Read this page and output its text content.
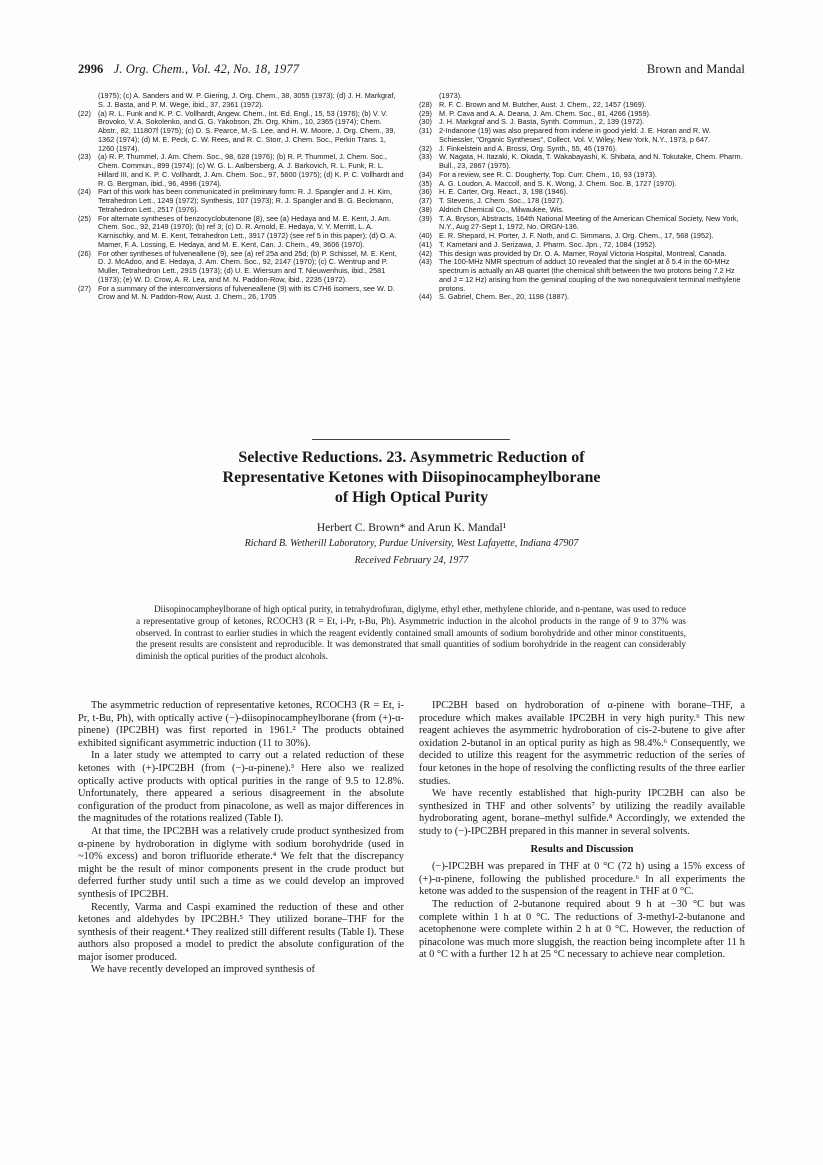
2996 J. Org. Chem., Vol. 42, No. 18, 1977	Brown and Mandal
(1975); (c) A. Sanders and W. P. Giering, J. Org. Chem., 38, 3055 (1973); (d) J. H. Markgraf, S. J. Basta, and P. M. Wege, ibid., 37, 2361 (1972).
(22) (a) R. L. Funk and K. P. C. Vollhardt, Angew. Chem., Int. Ed. Engl., 15, 53 (1976); (b) V. V. Brovoko, V. A. Sokolenko, and G. G. Yakobson, Zh. Org. Khim., 10, 2365 (1974); Chem. Abstr., 82, 111807f (1975); (c) D. S. Pearce, M.-S. Lee, and H. W. Moore, J. Org. Chem., 39, 1362 (1974); (d) M. E. Peck, C. W. Rees, and R. C. Storr, J. Chem. Soc., Perkin Trans. 1, 1260 (1974).
(23) (a) R. P. Thummel, J. Am. Chem. Soc., 98, 628 (1976); (b) R. P. Thummel, J. Chem. Soc., Chem. Commun., 899 (1974); (c) W. G. L. Aalbersberg, A. J. Barkovich, R. L. Funk, R. L. Hillard III, and K. P. C. Vollhardt, J. Am. Chem. Soc., 97, 5600 (1975); (d) K. P. C. Vollhardt and R. G. Bergman, ibid., 96, 4996 (1974).
(24) Part of this work has been communicated in preliminary form: R. J. Spangler and J. H. Kim, Tetrahedron Lett., 1249 (1972); Synthesis, 107 (1973); R. J. Spangler and B. G. Beckmann, Tetrahedron Lett., 2517 (1976).
(25) For alternate syntheses of benzocyclobutenone (8), see (a) Hedaya and M. E. Kent, J. Am. Chem. Soc., 92, 2149 (1970); (b) ref 3; (c) D. R. Arnold, E. Hedaya, V. Y. Merritt, L. A. Karnischky, and M. E. Kent, Tetrahedron Lett., 3917 (1972) (see ref 5 in this paper); (d) O. A. Mamer, F. A. Lossing, E. Hedaya, and M. E. Kent, Can. J. Chem., 49, 3606 (1970).
(26) For other syntheses of fulveneallene (9), see (a) ref 25a and 25d; (b) P. Schissel, M. E. Kent, D. J. McAdoo, and E. Hedaya, J. Am. Chem. Soc., 92, 2147 (1970); (c) C. Wentrup and P. Muller, Tetrahedron Lett., 2915 (1973); (d) U. E. Wiersum and T. Nieuwenhuis, ibid., 2581 (1973); (e) W. D. Crow, A. R. Lea, and M. N. Paddon-Row, ibid., 2235 (1972).
(27) For a summary of the interconversions of fulveneallene (9) with its C7H6 isomers, see W. D. Crow and M. N. Paddon-Row, Aust. J. Chem., 26, 1705
(1973).
(28) R. F. C. Brown and M. Butcher, Aust. J. Chem., 22, 1457 (1969).
(29) M. P. Cava and A. A. Deana, J. Am. Chem. Soc., 81, 4266 (1959).
(30) J. H. Markgraf and S. J. Basta, Synth. Commun., 2, 139 (1972).
(31) 2-Indanone (19) was also prepared from indene in good yield: J. E. Horan and R. W. Schiessler, "Organic Syntheses", Collect. Vol. V, Wiley, New York, N.Y., 1973, p 647.
(32) J. Finkelstein and A. Brossi, Org. Synth., 55, 45 (1976).
(33) W. Nagata, H. Itazaki, K. Okada, T. Wakabayashi, K. Shibata, and N. Tokutake, Chem. Pharm. Bull., 23, 2867 (1975).
(34) For a review, see R. C. Dougherty, Top. Curr. Chem., 10, 93 (1973).
(35) A. G. Loudon, A. Maccoll, and S. K. Wong, J. Chem. Soc. B, 1727 (1970).
(36) H. E. Carter, Org. React., 3, 198 (1946).
(37) T. Stevens, J. Chem. Soc., 178 (1927).
(38) Aldrich Chemical Co., Milwaukee, Wis.
(39) T. A. Bryson, Abstracts, 164th National Meeting of the American Chemical Society, New York, N.Y., Aug 27-Sept 1, 1972, No. ORGN-136.
(40) E. R. Shepard, H. Porter, J. F. Noth, and C. Simmans, J. Org. Chem., 17, 568 (1952).
(41) T. Kametani and J. Serizawa, J. Pharm. Soc. Jpn., 72, 1084 (1952).
(42) This design was provided by Dr. O. A. Mamer, Royal Victoria Hospital, Montreal, Canada.
(43) The 100-MHz NMR spectrum of adduct 10 revealed that the singlet at δ 5.4 in the 60-MHz spectrum is actually an AB quartet (the chemical shift between the two protons being 7.2 Hz and J = 12 Hz) arising from the geminal coupling of the two nonequivalent terminal methylene protons.
(44) S. Gabriel, Chem. Ber., 20, 1198 (1887).
Selective Reductions. 23. Asymmetric Reduction of
Representative Ketones with Diisopinocampheylborane
of High Optical Purity
Herbert C. Brown* and Arun K. Mandal¹
Richard B. Wetherill Laboratory, Purdue University, West Lafayette, Indiana 47907
Received February 24, 1977

Diisopinocampheylborane of high optical purity, in tetrahydrofuran, diglyme, ethyl ether, methylene chloride, and n-pentane, was used to reduce a representative group of ketones, RCOCH3 (R = Et, i-Pr, t-Bu, Ph). Asymmetric induction in the alcohol products in the range of 9 to 37% was observed. In contrast to earlier studies in which the reagent evidently contained small amounts of sodium borohydride and other minor constituents, the present results are consistent and reproducible. It was demonstrated that small quantities of sodium borohydride in the reagent can considerably diminish the optical purities of the product alcohols.

The asymmetric reduction of representative ketones, RCOCH3 (R = Et, i-Pr, t-Bu, Ph), with optically active (−)-diisopinocampheylborane (from (+)-α-pinene) (IPC2BH) was first reported in 1961.² The products obtained exhibited significant asymmetric induction (11 to 30%).

In a later study we attempted to carry out a related reduction of these ketones with (+)-IPC2BH (from (−)-α-pinene).³ Here also we realized optically active products with optical purities in the range of 9.5 to 12.8%. Unfortunately, there appeared a serious disagreement in the absolute configuration of the product from pinacolone, as well as major differences in the magnitudes of the rotations realized (Table I).

At that time, the IPC2BH was a relatively crude product synthesized from α-pinene by hydroboration in diglyme with sodium borohydride (used in ~10% excess) and boron trifluoride etherate.⁴ We felt that the discrepancy might be the result of minor components present in the crude product but deferred further study until such a time as we could develop an improved synthesis of IPC2BH.

Recently, Varma and Caspi examined the reduction of these and other ketones and aldehydes by IPC2BH.⁵ They utilized borane–THF for the synthesis of their reagent.⁴ They realized still different results (Table I). These authors also proposed a model to predict the absolute configuration of the major isomer produced.

We have recently developed an improved synthesis of

IPC2BH based on hydroboration of α-pinene with borane–THF, a procedure which makes available IPC2BH in very high purity.⁶ This new reagent achieves the asymmetric hydroboration of cis-2-butene to give after oxidation 2-butanol in an optical purity as high as 98.4%.⁶ Consequently, we decided to utilize this reagent for the asymmetric reduction of the series of four ketones in the hope of resolving the conflicting results of the three earlier studies.

We have recently established that high-purity IPC2BH can also be synthesized in THF and other solvents⁷ by utilizing the readily available hydroborating agent, borane–methyl sulfide.⁸ Accordingly, we extended the study to (−)-IPC2BH prepared in this manner in several solvents.

Results and Discussion

(−)-IPC2BH was prepared in THF at 0 °C (72 h) using a 15% excess of (+)-α-pinene, following the published procedure.⁶ In all experiments the ketone was added to the suspension of the reagent in THF at 0 °C.

The reduction of 2-butanone required about 9 h at −30 °C but was complete within 1 h at 0 °C. The reductions of 3-methyl-2-butanone and acetophenone were complete within 2 h at 0 °C. However, the reduction of pinacolone was much more sluggish, the reaction being incomplete after 11 h at 0 °C with a further 12 h at 25 °C necessary to achieve near completion.
